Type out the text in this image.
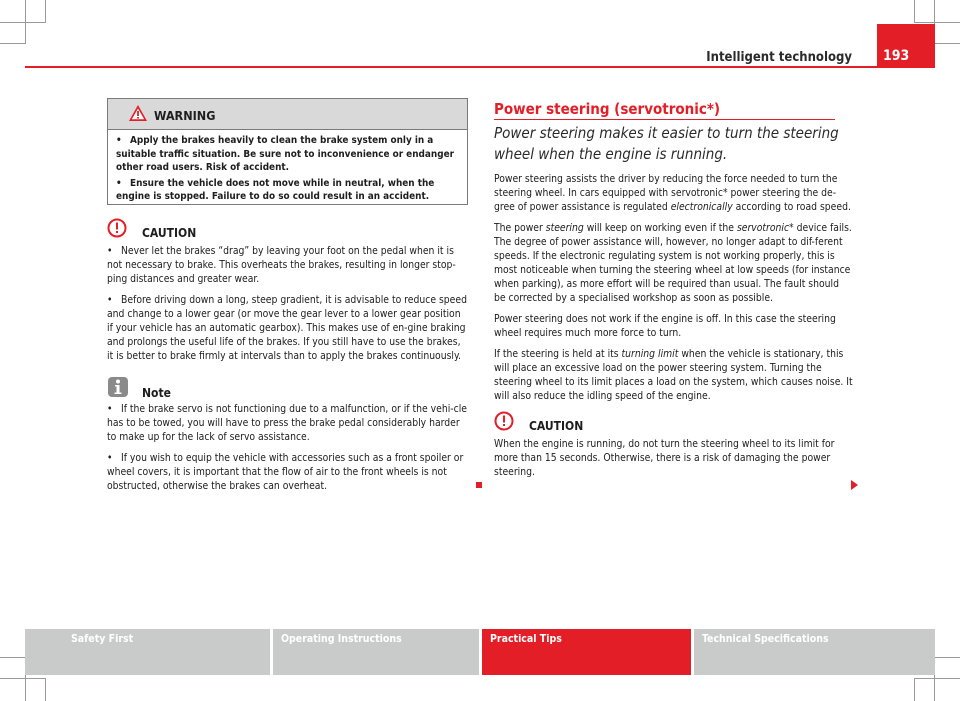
Intelligent technology	193
WARNING

• Apply the brakes heavily to clean the brake system only in a suitable traffic situation. Be sure not to inconvenience or endanger other road users. Risk of accident.

• Ensure the vehicle does not move while in neutral, when the engine is stopped. Failure to do so could result in an accident.

CAUTION

• Never let the brakes “drag” by leaving your foot on the pedal when it is not necessary to brake. This overheats the brakes, resulting in longer stop-ping distances and greater wear.

• Before driving down a long, steep gradient, it is advisable to reduce speed and change to a lower gear (or move the gear lever to a lower gear position if your vehicle has an automatic gearbox). This makes use of en-gine braking and prolongs the useful life of the brakes. If you still have to use the brakes, it is better to brake firmly at intervals than to apply the brakes continuously.

Note

• If the brake servo is not functioning due to a malfunction, or if the vehi-cle has to be towed, you will have to press the brake pedal considerably harder to make up for the lack of servo assistance.

• If you wish to equip the vehicle with accessories such as a front spoiler or wheel covers, it is important that the flow of air to the front wheels is not obstructed, otherwise the brakes can overheat.

Power steering (servotronic*)
Power steering makes it easier to turn the steering wheel when the engine is running.

Power steering assists the driver by reducing the force needed to turn the steering wheel. In cars equipped with servotronic* power steering the de-gree of power assistance is regulated electronically according to road speed.

The power steering will keep on working even if the servotronic* device fails. The degree of power assistance will, however, no longer adapt to dif-ferent speeds. If the electronic regulating system is not working properly, this is most noticeable when turning the steering wheel at low speeds (for instance when parking), as more effort will be required than usual. The fault should be corrected by a specialised workshop as soon as possible.

Power steering does not work if the engine is off. In this case the steering wheel requires much more force to turn.

If the steering is held at its turning limit when the vehicle is stationary, this will place an excessive load on the power steering system. Turning the steering wheel to its limit places a load on the system, which causes noise. It will also reduce the idling speed of the engine.

CAUTION

When the engine is running, do not turn the steering wheel to its limit for more than 15 seconds. Otherwise, there is a risk of damaging the power steering.

Safety First	Operating Instructions	Practical Tips	Technical Specifications
